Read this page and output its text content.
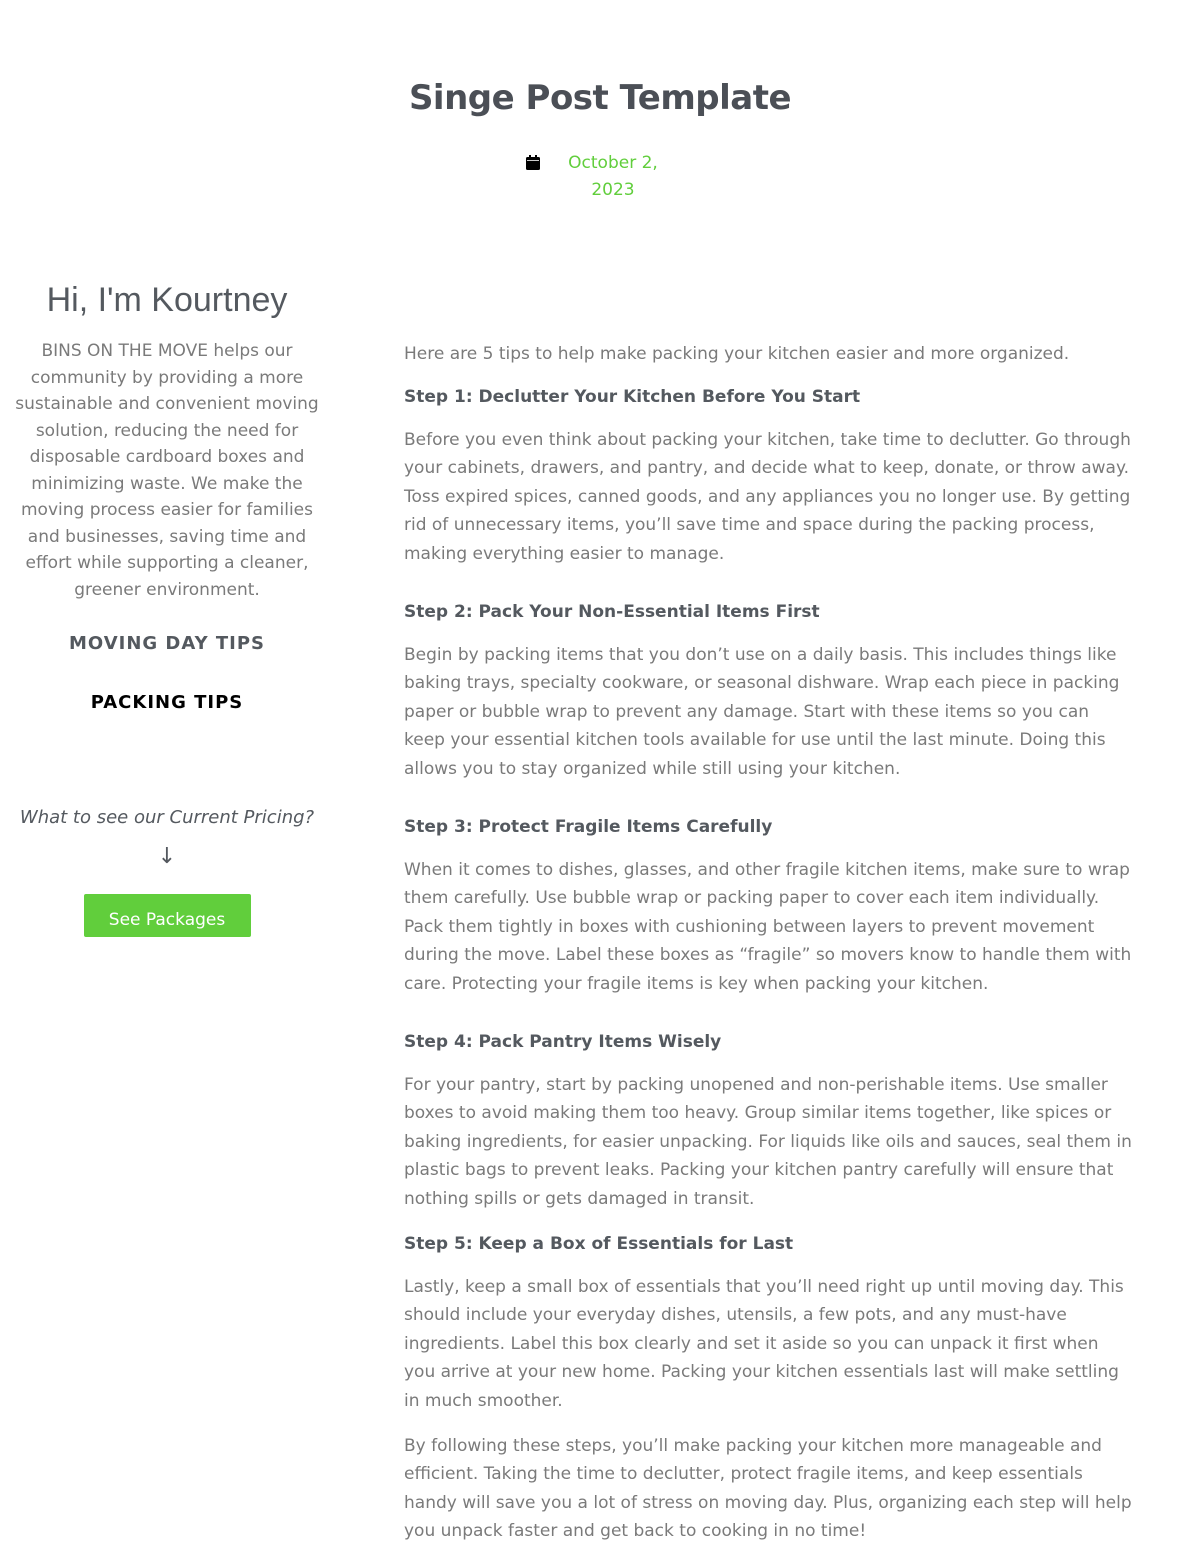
Singe Post Template
October 2, 2023
Hi, I'm Kourtney

BINS ON THE MOVE helps our community by providing a more sustainable and convenient moving solution, reducing the need for disposable cardboard boxes and minimizing waste. We make the moving process easier for families and businesses, saving time and effort while supporting a cleaner, greener environment.

MOVING DAY TIPS
PACKING TIPS

What to see our Current Pricing?

↓
See Packages

Here are 5 tips to help make packing your kitchen easier and more organized.

Step 1: Declutter Your Kitchen Before You Start

Before you even think about packing your kitchen, take time to declutter. Go through your cabinets, drawers, and pantry, and decide what to keep, donate, or throw away. Toss expired spices, canned goods, and any appliances you no longer use. By getting rid of unnecessary items, you’ll save time and space during the packing process, making everything easier to manage.

Step 2: Pack Your Non-Essential Items First

Begin by packing items that you don’t use on a daily basis. This includes things like baking trays, specialty cookware, or seasonal dishware. Wrap each piece in packing paper or bubble wrap to prevent any damage. Start with these items so you can keep your essential kitchen tools available for use until the last minute. Doing this allows you to stay organized while still using your kitchen.

Step 3: Protect Fragile Items Carefully

When it comes to dishes, glasses, and other fragile kitchen items, make sure to wrap them carefully. Use bubble wrap or packing paper to cover each item individually. Pack them tightly in boxes with cushioning between layers to prevent movement during the move. Label these boxes as “fragile” so movers know to handle them with care. Protecting your fragile items is key when packing your kitchen.

Step 4: Pack Pantry Items Wisely

For your pantry, start by packing unopened and non-perishable items. Use smaller boxes to avoid making them too heavy. Group similar items together, like spices or baking ingredients, for easier unpacking. For liquids like oils and sauces, seal them in plastic bags to prevent leaks. Packing your kitchen pantry carefully will ensure that nothing spills or gets damaged in transit.

Step 5: Keep a Box of Essentials for Last

Lastly, keep a small box of essentials that you’ll need right up until moving day. This should include your everyday dishes, utensils, a few pots, and any must-have ingredients. Label this box clearly and set it aside so you can unpack it first when you arrive at your new home. Packing your kitchen essentials last will make settling in much smoother.

By following these steps, you’ll make packing your kitchen more manageable and efficient. Taking the time to declutter, protect fragile items, and keep essentials handy will save you a lot of stress on moving day. Plus, organizing each step will help you unpack faster and get back to cooking in no time!
